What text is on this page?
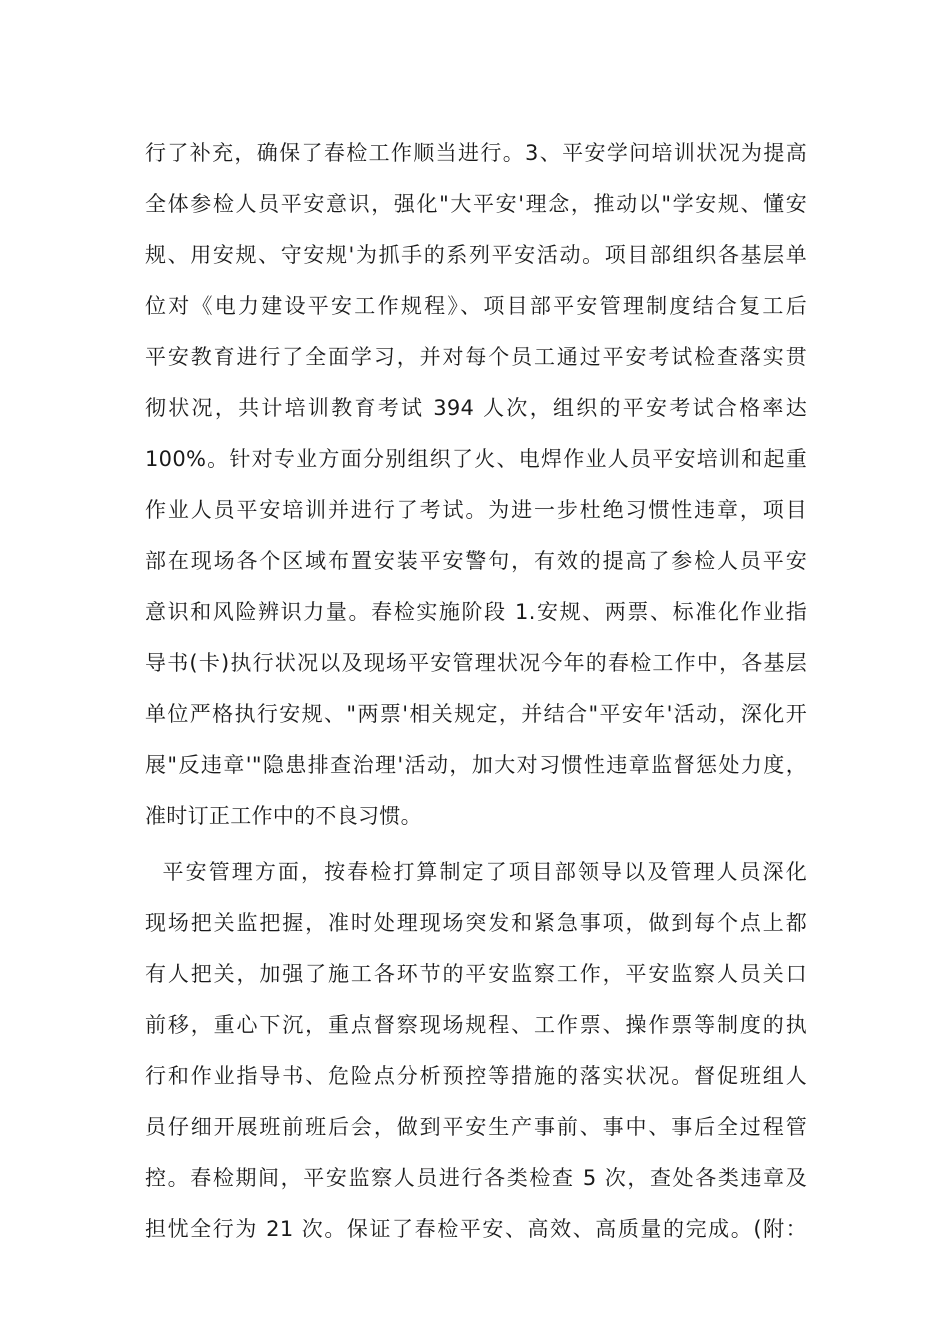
行了补充，确保了春检工作顺当进行。3、平安学问培训状况为提高
全体参检人员平安意识，强化"大平安'理念，推动以"学安规、懂安
规、用安规、守安规'为抓手的系列平安活动。项目部组织各基层单
位对《电力建设平安工作规程》、项目部平安管理制度结合复工后
平安教育进行了全面学习，并对每个员工通过平安考试检查落实贯
彻状况，共计培训教育考试 394 人次，组织的平安考试合格率达
100%。针对专业方面分别组织了火、电焊作业人员平安培训和起重
作业人员平安培训并进行了考试。为进一步杜绝习惯性违章，项目
部在现场各个区域布置安装平安警句，有效的提高了参检人员平安
意识和风险辨识力量。春检实施阶段 1.安规、两票、标准化作业指
导书(卡)执行状况以及现场平安管理状况今年的春检工作中，各基层
单位严格执行安规、"两票'相关规定，并结合"平安年'活动，深化开
展"反违章'"隐患排查治理'活动，加大对习惯性违章监督惩处力度，
准时订正工作中的不良习惯。
平安管理方面，按春检打算制定了项目部领导以及管理人员深化
现场把关监把握，准时处理现场突发和紧急事项，做到每个点上都
有人把关，加强了施工各环节的平安监察工作，平安监察人员关口
前移，重心下沉，重点督察现场规程、工作票、操作票等制度的执
行和作业指导书、危险点分析预控等措施的落实状况。督促班组人
员仔细开展班前班后会，做到平安生产事前、事中、事后全过程管
控。春检期间，平安监察人员进行各类检查 5 次，查处各类违章及
担忧全行为 21 次。保证了春检平安、高效、高质量的完成。(附：
